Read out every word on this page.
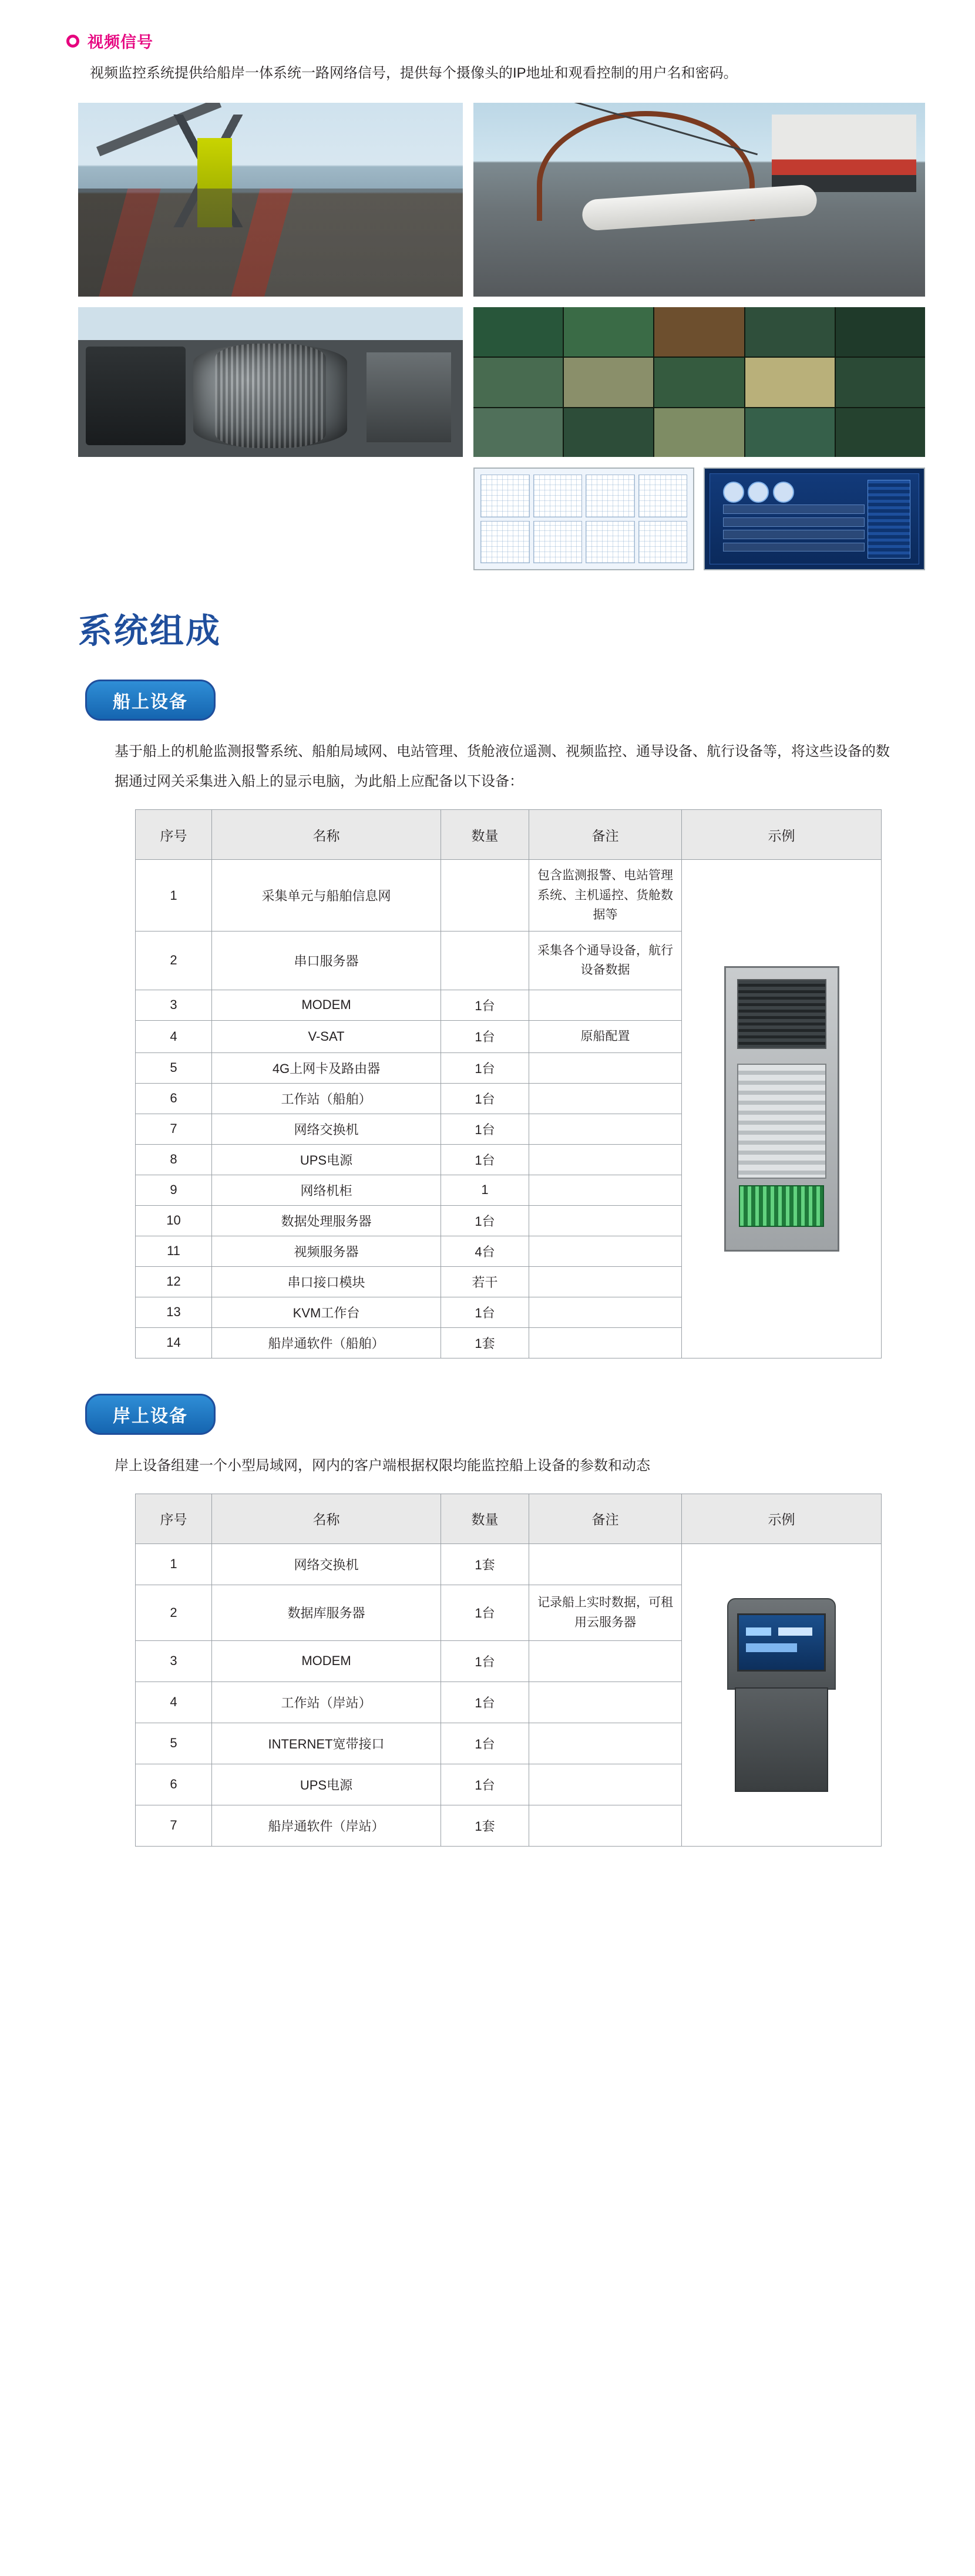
视频信号

视频监控系统提供给船岸一体系统一路网络信号，提供每个摄像头的IP地址和观看控制的用户名和密码。

系统组成
船上设备

基于船上的机舱监测报警系统、船舶局域网、电站管理、货舱液位遥测、视频监控、通导设备、航行设备等，将这些设备的数据通过网关采集进入船上的显示电脑，为此船上应配备以下设备：

序号	名称	数量	备注	示例
1	采集单元与船舶信息网		包含监测报警、电站管理系统、主机遥控、货舱数据等	

2	串口服务器		采集各个通导设备，航行设备数据	
3	MODEM	1台		
4	V-SAT	1台	原船配置	
5	4G上网卡及路由器	1台		
6	工作站（船舶）	1台		
7	网络交换机	1台		
8	UPS电源	1台		
9	网络机柜	1		
10	数据处理服务器	1台		
11	视频服务器	4台		
12	串口接口模块	若干		
13	KVM工作台	1台		
14	船岸通软件（船舶）	1套		
岸上设备

岸上设备组建一个小型局域网，网内的客户端根据权限均能监控船上设备的参数和动态

序号	名称	数量	备注	示例
1	网络交换机	1套		

2	数据库服务器	1台	记录船上实时数据，可租用云服务器	
3	MODEM	1台		
4	工作站（岸站）	1台		
5	INTERNET宽带接口	1台		
6	UPS电源	1台		
7	船岸通软件（岸站）	1套		
